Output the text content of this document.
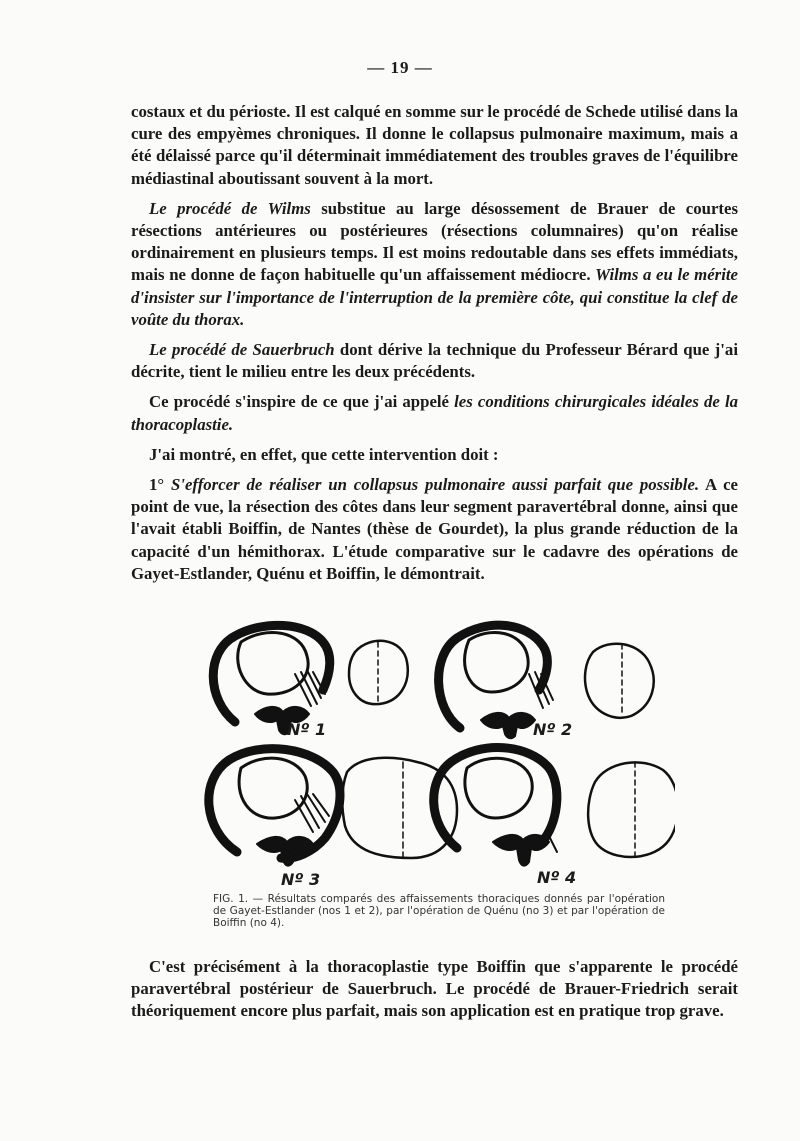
— 19 —

costaux et du périoste. Il est calqué en somme sur le procédé de Schede utilisé dans la cure des empyèmes chroniques. Il donne le collapsus pulmonaire maximum, mais a été délaissé parce qu'il déterminait immédiatement des troubles graves de l'équilibre médiastinal aboutissant souvent à la mort.

Le procédé de Wilms substitue au large désossement de Brauer de courtes résections antérieures ou postérieures (résections columnaires) qu'on réalise ordinairement en plusieurs temps. Il est moins redoutable dans ses effets immédiats, mais ne donne de façon habituelle qu'un affaissement médiocre. Wilms a eu le mérite d'insister sur l'importance de l'interruption de la première côte, qui constitue la clef de voûte du thorax.

Le procédé de Sauerbruch dont dérive la technique du Professeur Bérard que j'ai décrite, tient le milieu entre les deux précédents.

Ce procédé s'inspire de ce que j'ai appelé les conditions chirurgicales idéales de la thoracoplastie.

J'ai montré, en effet, que cette intervention doit :

1° S'efforcer de réaliser un collapsus pulmonaire aussi parfait que possible. A ce point de vue, la résection des côtes dans leur segment paravertébral donne, ainsi que l'avait établi Boiffin, de Nantes (thèse de Gourdet), la plus grande réduction de la capacité d'un hémithorax. L'étude comparative sur le cadavre des opérations de Gayet-Estlander, Quénu et Boiffin, le démontrait.

Nº 1	Nº 2
Nº 3	Nº 4
FIG. 1. — Résultats comparés des affaissements thoraciques donnés par l'opération de Gayet-Estlander (nos 1 et 2), par l'opération de Quénu (no 3) et par l'opération de Boiffin (no 4).

C'est précisément à la thoracoplastie type Boiffin que s'apparente le procédé paravertébral postérieur de Sauerbruch. Le procédé de Brauer-Friedrich serait théoriquement encore plus parfait, mais son application est en pratique trop grave.
